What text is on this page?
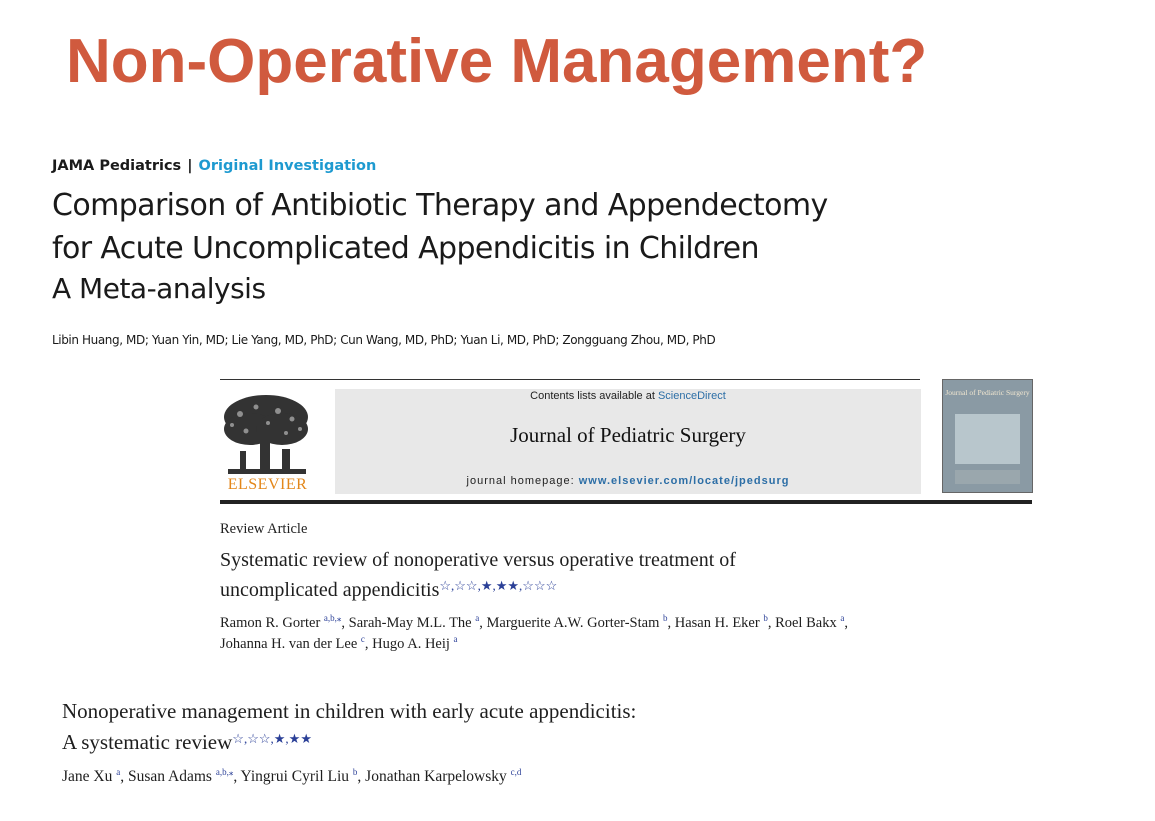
Non-Operative Management?
JAMA Pediatrics | Original Investigation
Comparison of Antibiotic Therapy and Appendectomy
for Acute Uncomplicated Appendicitis in Children
A Meta-analysis
Libin Huang, MD; Yuan Yin, MD; Lie Yang, MD, PhD; Cun Wang, MD, PhD; Yuan Li, MD, PhD; Zongguang Zhou, MD, PhD
ELSEVIER
Contents lists available at ScienceDirect
Journal of Pediatric Surgery
journal homepage: www.elsevier.com/locate/jpedsurg
Journal of Pediatric Surgery
Review Article
Systematic review of nonoperative versus operative treatment of
uncomplicated appendicitis☆,☆☆,★,★★,☆☆☆
Ramon R. Gorter $^{a,b,⁎}$, Sarah-May M.L. The $^a$, Marguerite A.W. Gorter-Stam $^b$, Hasan H. Eker $^b$, Roel Bakx $^a$,
Johanna H. van der Lee $^c$, Hugo A. Heij $^a$
Nonoperative management in children with early acute appendicitis:
A systematic review☆,☆☆,★,★★
Jane Xu $^a$, Susan Adams $^{a,b,⁎}$, Yingrui Cyril Liu $^b$, Jonathan Karpelowsky $^{c,d}$
